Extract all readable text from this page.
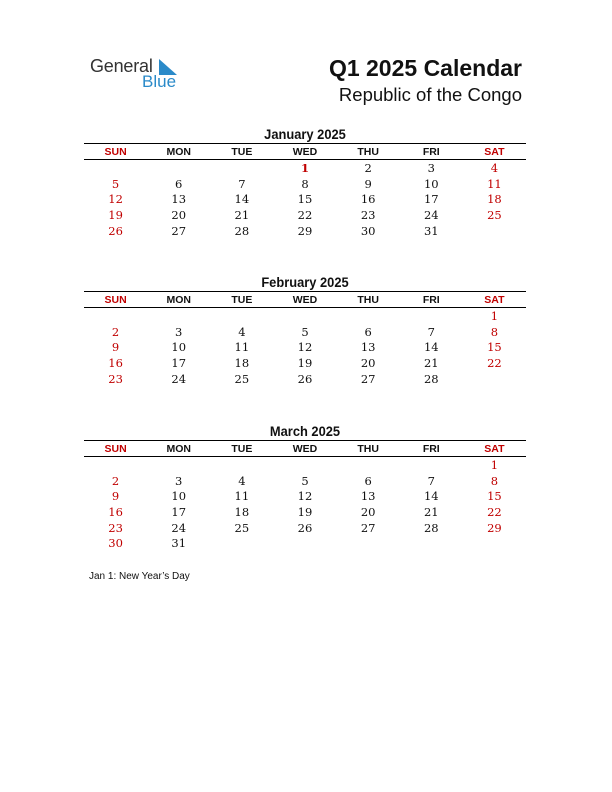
General
Blue
Q1 2025 Calendar
Republic of the Congo
January 2025
SUN	MON	TUE	WED	THU	FRI	SAT
			1	2	3	4
5	6	7	8	9	10	11
12	13	14	15	16	17	18
19	20	21	22	23	24	25
26	27	28	29	30	31	
February 2025
SUN	MON	TUE	WED	THU	FRI	SAT
						1
2	3	4	5	6	7	8
9	10	11	12	13	14	15
16	17	18	19	20	21	22
23	24	25	26	27	28	
March 2025
SUN	MON	TUE	WED	THU	FRI	SAT
						1
2	3	4	5	6	7	8
9	10	11	12	13	14	15
16	17	18	19	20	21	22
23	24	25	26	27	28	29
30	31					
Jan 1: New Year’s Day
